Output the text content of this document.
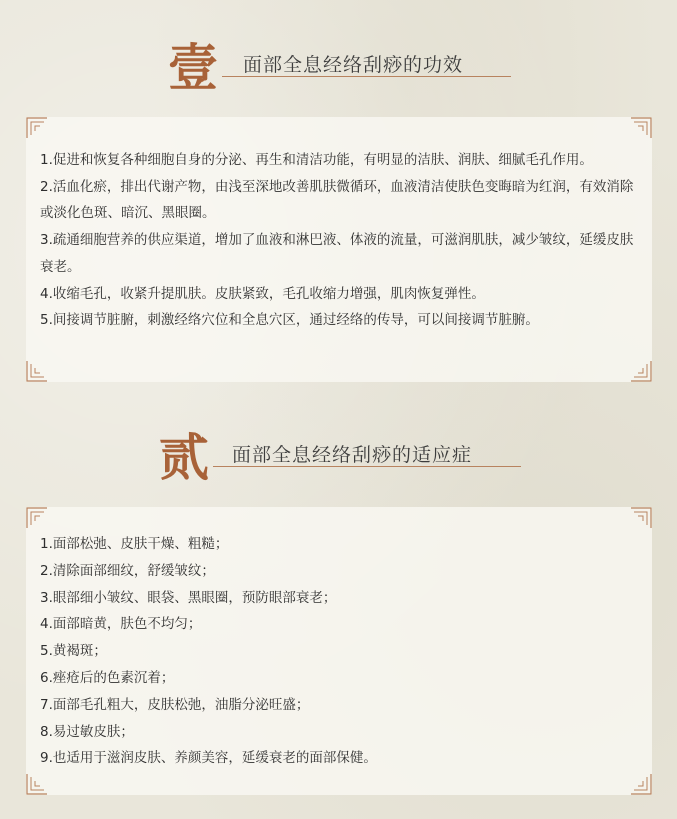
壹 面部全息经络刮痧的功效
1.促进和恢复各种细胞自身的分泌、再生和清洁功能，有明显的洁肤、润肤、细腻毛孔作用。
2.活血化瘀，排出代谢产物，由浅至深地改善肌肤微循环，血液清洁使肤色变晦暗为红润，有效消除或淡化色斑、暗沉、黑眼圈。
3.疏通细胞营养的供应渠道，增加了血液和淋巴液、体液的流量，可滋润肌肤，减少皱纹，延缓皮肤衰老。
4.收缩毛孔，收紧升提肌肤。皮肤紧致，毛孔收缩力增强，肌肉恢复弹性。
5.间接调节脏腑，刺激经络穴位和全息穴区，通过经络的传导，可以间接调节脏腑。
贰 面部全息经络刮痧的适应症
1.面部松弛、皮肤干燥、粗糙；
2.清除面部细纹，舒缓皱纹；
3.眼部细小皱纹、眼袋、黑眼圈，预防眼部衰老；
4.面部暗黄，肤色不均匀；
5.黄褐斑；
6.痤疮后的色素沉着；
7.面部毛孔粗大，皮肤松弛，油脂分泌旺盛；
8.易过敏皮肤；
9.也适用于滋润皮肤、养颜美容，延缓衰老的面部保健。
